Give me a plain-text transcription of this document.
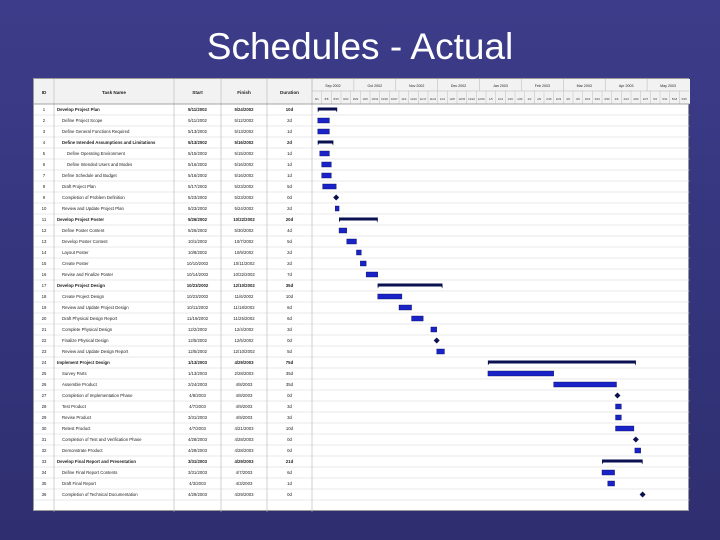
Schedules - Actual
ID	Task Name	Start	Finish	Duration
Sep 2002	Oct 2002	Nov 2002	Dec 2002	Jan 2003	Feb 2003	Mar 2003	Apr 2003	May 2003
8/1 8/8 8/15 8/22 9/29 10/6 10/13 10/20 10/27 11/3 11/10 11/17 11/24 12/1 12/8 12/15 12/22 12/29 1/5 1/12 1/19 1/26 2/2 2/9 2/16 2/23 3/2 3/9 3/16 3/23 3/30 4/6 4/13 4/20 4/27 5/4 5/11 5/18 5/25
1	Develop Project Plan	5/11/2002	5/24/2002	10d
2	Define Project Scope	5/11/2002	5/12/2002	2d
3	Define General Functions Required	5/13/2002	5/13/2002	1d
4	Define Intended Assumptions and Limitations	5/13/2002	5/16/2002	2d
5	Define Operating Environment	5/15/2002	5/15/2002	1d
6	Define Intended Users and Modes	5/16/2002	5/16/2002	1d
7	Define Schedule and Budget	5/16/2002	5/16/2002	1d
8	Draft Project Plan	5/17/2002	5/23/2002	5d
9	Completion of Problem Definition	5/23/2002	5/23/2002	0d
10	Review and Update Project Plan	5/23/2002	5/24/2002	2d
11	Develop Project Poster	5/26/2002	10/22/2002	20d
12	Define Poster Content	5/26/2002	5/30/2002	4d
13	Develop Poster Content	10/1/2002	10/7/2002	5d
14	Layout Poster	10/8/2002	10/9/2002	2d
15	Create Poster	10/10/2002	10/11/2002	2d
16	Revise and Finalize Poster	10/14/2002	10/22/2002	7d
17 Develop Project Design	10/23/2002	12/10/2002	35d
18	Create Project Design	10/23/2002	11/6/2002	10d
19	Review and Update Project Design	10/11/2002	11/18/2002	6d
20	Draft Physical Design Report	11/19/2002	11/25/2002	6d
21	Complete Physical Design	12/2/2002	12/4/2002	3d
22	Finalize Physical Design	12/5/2002	12/5/2002	0d
23	Review and Update Design Report	12/5/2002	12/10/2002	5d
24 Implement Project Design	1/13/2003	4/29/2003	75d
25	Survey Parts	1/13/2003	2/28/2003	35d
26	Assemble Product	2/24/2003	4/8/2003	35d
27	Completion of Implementation Phase	4/8/2003	4/8/2003	0d
28	Test Product	4/7/2003	4/9/2003	3d
29	Revise Product	3/31/2003	4/9/2003	3d
30	Retest Product	4/7/2003	4/21/2003	10d
31	Completion of Test and Verification Phase	4/28/2003	4/28/2003	0d
32	Demonstrate Product	4/28/2003	4/28/2003	0d
33 Develop Final Report and Presentation	3/31/2003	4/29/2003	21d
34	Define Final Report Contents	3/31/2003	4/7/2003	6d
35	Draft Final Report	4/3/2003	4/3/2003	1d
36	Completion of Technical Documentation	4/29/2003	4/29/2003	0d
